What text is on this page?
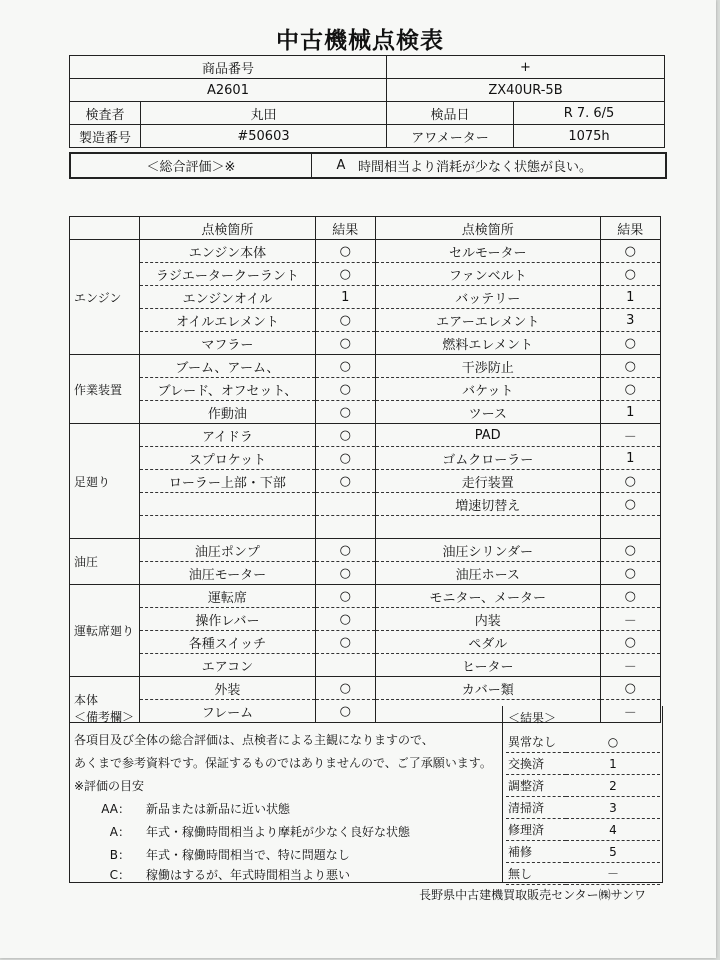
中古機械点検表
商品番号		+	
A2601		ZX40UR-5B	
検査者	丸田	検品日	R 7. 6/5
製造番号	#50603	アワメーター	1075h
＜総合評価＞※	A 時間相当より消耗が少なく状態が良い。
	点検箇所	結果	点検箇所	結果
エンジン	エンジン本体	○	セルモーター	○
	ラジエータークーラント	○	ファンベルト	○
	エンジンオイル	1	バッテリー	1
	オイルエレメント	○	エアーエレメント	3
	マフラー	○	燃料エレメント	○
作業装置	ブーム、アーム、	○	干渉防止	○
	ブレード、オフセット、	○	バケット	○
	作動油	○	ツース	1
足廻り	アイドラ	○	PAD	－
	スプロケット	○	ゴムクローラー	1
	ローラー上部・下部	○	走行装置	○
			増速切替え	○

油圧	油圧ポンプ	○	油圧シリンダー	○
	油圧モーター	○	油圧ホース	○
運転席廻り	運転席	○	モニター、メーター	○
	操作レバー	○	内装	－
	各種スイッチ	○	ペダル	○
	エアコン		ヒーター	－
本体	外装	○	カバー類	○
	フレーム	○		－
＜備考欄＞
各項目及び全体の総合評価は、点検者による主観になりますので、
あくまで参考資料です。保証するものではありませんので、ご了承願います。
※評価の目安
AA： 新品または新品に近い状態
A： 年式・稼働時間相当より摩耗が少なく良好な状態
B： 年式・稼働時間相当で、特に問題なし
C： 稼働はするが、年式時間相当より悪い
＜結果＞
異常なし	○
交換済	1
調整済	2
清掃済	3
修理済	4
補修	5
無し	－
長野県中古建機買取販売センター㈱サンワ
